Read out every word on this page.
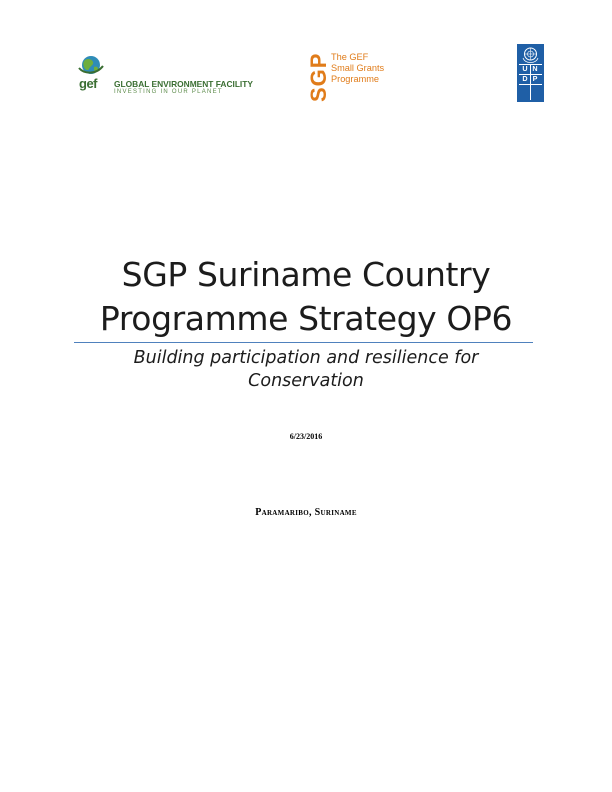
gef GLOBAL ENVIRONMENT FACILITY
INVESTING IN OUR PLANET	SGP The GEF
Small Grants
Programme
U N
D P
SGP Suriname Country
Programme Strategy OP6
Building participation and resilience for
Conservation
6/23/2016
Paramaribo, Suriname
